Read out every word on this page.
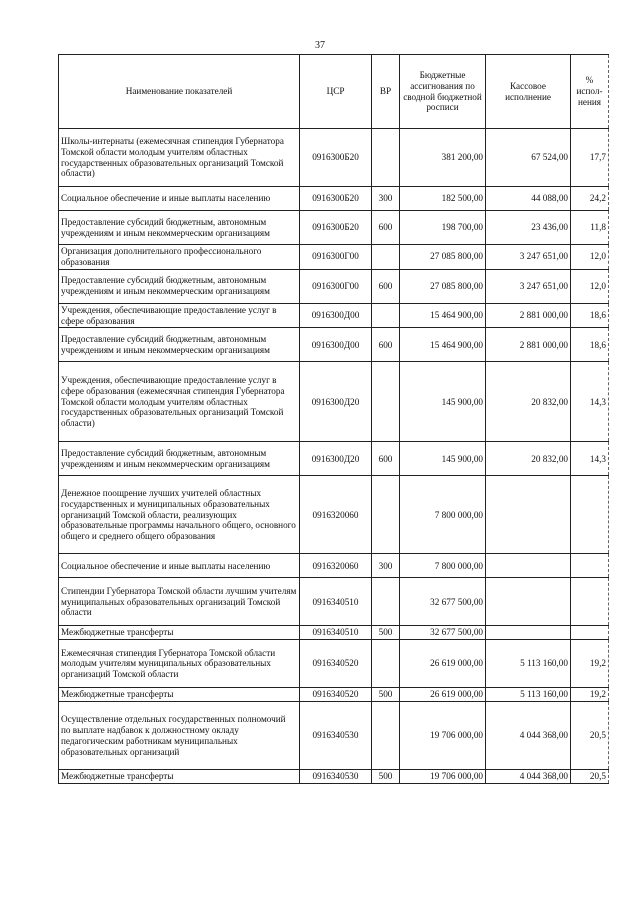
37
Наименование показателей	ЦСР	ВР	Бюджетные ассигнования по сводной бюджетной росписи	Кассовое исполнение	% испол-нения
Школы-интернаты (ежемесячная стипендия Губернатора Томской области молодым учителям областных государственных образовательных организаций Томской области)	0916300Б20		381 200,00	67 524,00	17,7
Социальное обеспечение и иные выплаты населению	0916300Б20	300	182 500,00	44 088,00	24,2
Предоставление субсидий бюджетным, автономным учреждениям и иным некоммерческим организациям	0916300Б20	600	198 700,00	23 436,00	11,8
Организация дополнительного профессионального образования	0916300Г00		27 085 800,00	3 247 651,00	12,0
Предоставление субсидий бюджетным, автономным учреждениям и иным некоммерческим организациям	0916300Г00	600	27 085 800,00	3 247 651,00	12,0
Учреждения, обеспечивающие предоставление услуг в сфере образования	0916300Д00		15 464 900,00	2 881 000,00	18,6
Предоставление субсидий бюджетным, автономным учреждениям и иным некоммерческим организациям	0916300Д00	600	15 464 900,00	2 881 000,00	18,6
Учреждения, обеспечивающие предоставление услуг в сфере образования (ежемесячная стипендия Губернатора Томской области молодым учителям областных государственных образовательных организаций Томской области)	0916300Д20		145 900,00	20 832,00	14,3
Предоставление субсидий бюджетным, автономным учреждениям и иным некоммерческим организациям	0916300Д20	600	145 900,00	20 832,00	14,3
Денежное поощрение лучших учителей областных государственных и муниципальных образовательных организаций Томской области, реализующих образовательные программы начального общего, основного общего и среднего общего образования	0916320060		7 800 000,00		
Социальное обеспечение и иные выплаты населению	0916320060	300	7 800 000,00		
Стипендии Губернатора Томской области лучшим учителям муниципальных образовательных организаций Томской области	0916340510		32 677 500,00		
Межбюджетные трансферты	0916340510	500	32 677 500,00		
Ежемесячная стипендия Губернатора Томской области молодым учителям муниципальных образовательных организаций Томской области	0916340520		26 619 000,00	5 113 160,00	19,2
Межбюджетные трансферты	0916340520	500	26 619 000,00	5 113 160,00	19,2
Осуществление отдельных государственных полномочий по выплате надбавок к должностному окладу педагогическим работникам муниципальных образовательных организаций	0916340530		19 706 000,00	4 044 368,00	20,5
Межбюджетные трансферты	0916340530	500	19 706 000,00	4 044 368,00	20,5
